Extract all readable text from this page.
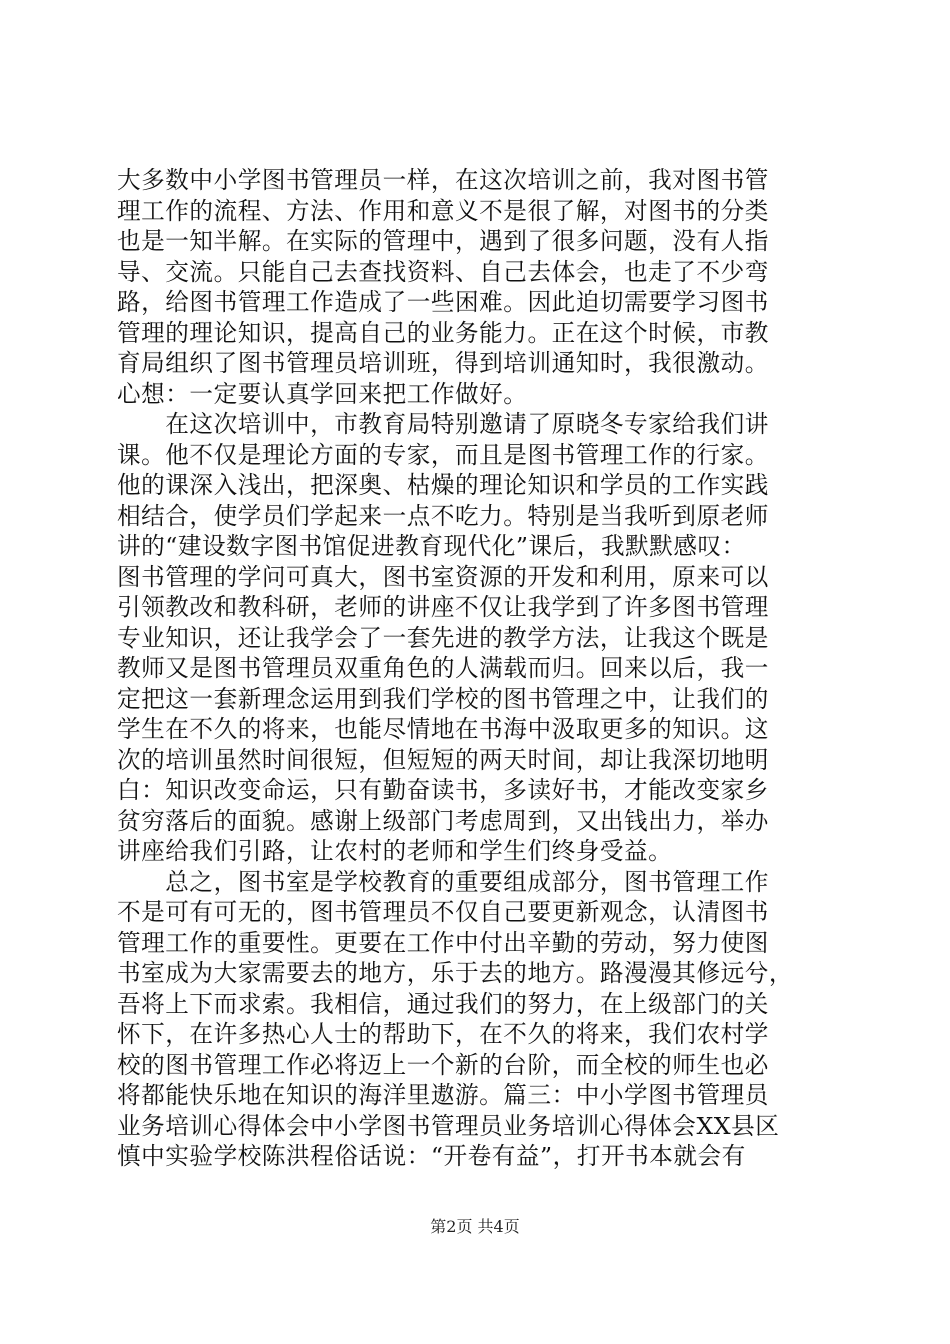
大多数中小学图书管理员一样，在这次培训之前，我对图书管
理工作的流程、方法、作用和意义不是很了解，对图书的分类
也是一知半解。在实际的管理中，遇到了很多问题，没有人指
导、交流。只能自己去查找资料、自己去体会，也走了不少弯
路，给图书管理工作造成了一些困难。因此迫切需要学习图书
管理的理论知识，提高自己的业务能力。正在这个时候，市教
育局组织了图书管理员培训班，得到培训通知时，我很激动。
心想：一定要认真学回来把工作做好。
　　在这次培训中，市教育局特别邀请了原晓冬专家给我们讲
课。他不仅是理论方面的专家，而且是图书管理工作的行家。
他的课深入浅出，把深奥、枯燥的理论知识和学员的工作实践
相结合，使学员们学起来一点不吃力。特别是当我听到原老师
讲的“建设数字图书馆促进教育现代化”课后，我默默感叹：
图书管理的学问可真大，图书室资源的开发和利用，原来可以
引领教改和教科研，老师的讲座不仅让我学到了许多图书管理
专业知识，还让我学会了一套先进的教学方法，让我这个既是
教师又是图书管理员双重角色的人满载而归。回来以后，我一
定把这一套新理念运用到我们学校的图书管理之中，让我们的
学生在不久的将来，也能尽情地在书海中汲取更多的知识。这
次的培训虽然时间很短，但短短的两天时间，却让我深切地明
白：知识改变命运，只有勤奋读书，多读好书，才能改变家乡
贫穷落后的面貌。感谢上级部门考虑周到，又出钱出力，举办
讲座给我们引路，让农村的老师和学生们终身受益。
　　总之，图书室是学校教育的重要组成部分，图书管理工作
不是可有可无的，图书管理员不仅自己要更新观念，认清图书
管理工作的重要性。更要在工作中付出辛勤的劳动，努力使图
书室成为大家需要去的地方，乐于去的地方。路漫漫其修远兮，
吾将上下而求索。我相信，通过我们的努力，在上级部门的关
怀下，在许多热心人士的帮助下，在不久的将来，我们农村学
校的图书管理工作必将迈上一个新的台阶，而全校的师生也必
将都能快乐地在知识的海洋里遨游。篇三：中小学图书管理员
业务培训心得体会中小学图书管理员业务培训心得体会XX县区
慎中实验学校陈洪程俗话说：“开卷有益”，打开书本就会有
第2页 共4页
